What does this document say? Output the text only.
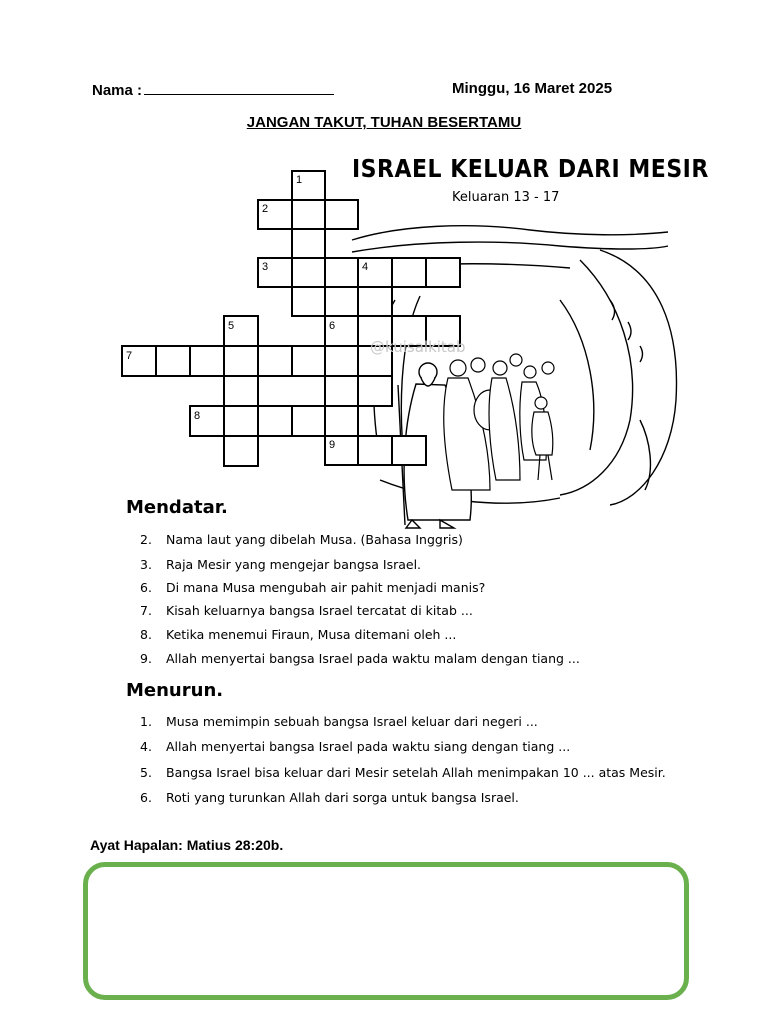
Nama :	Minggu, 16 Maret 2025
JANGAN TAKUT, TUHAN BESERTAMU
1
2
3	4
5	6
7
8
9
ISRAEL KELUAR DARI MESIR
Keluaran 13 - 17
@kuisalkitab
Mendatar.
2. Nama laut yang dibelah Musa. (Bahasa Inggris)
3. Raja Mesir yang mengejar bangsa Israel.
6. Di mana Musa mengubah air pahit menjadi manis?
7. Kisah keluarnya bangsa Israel tercatat di kitab ...
8. Ketika menemui Firaun, Musa ditemani oleh ...
9. Allah menyertai bangsa Israel pada waktu malam dengan tiang ...
Menurun.
1. Musa memimpin sebuah bangsa Israel keluar dari negeri ...
4. Allah menyertai bangsa Israel pada waktu siang dengan tiang ...
5. Bangsa Israel bisa keluar dari Mesir setelah Allah menimpakan 10 ... atas Mesir.
6. Roti yang turunkan Allah dari sorga untuk bangsa Israel.
Ayat Hapalan: Matius 28:20b.
